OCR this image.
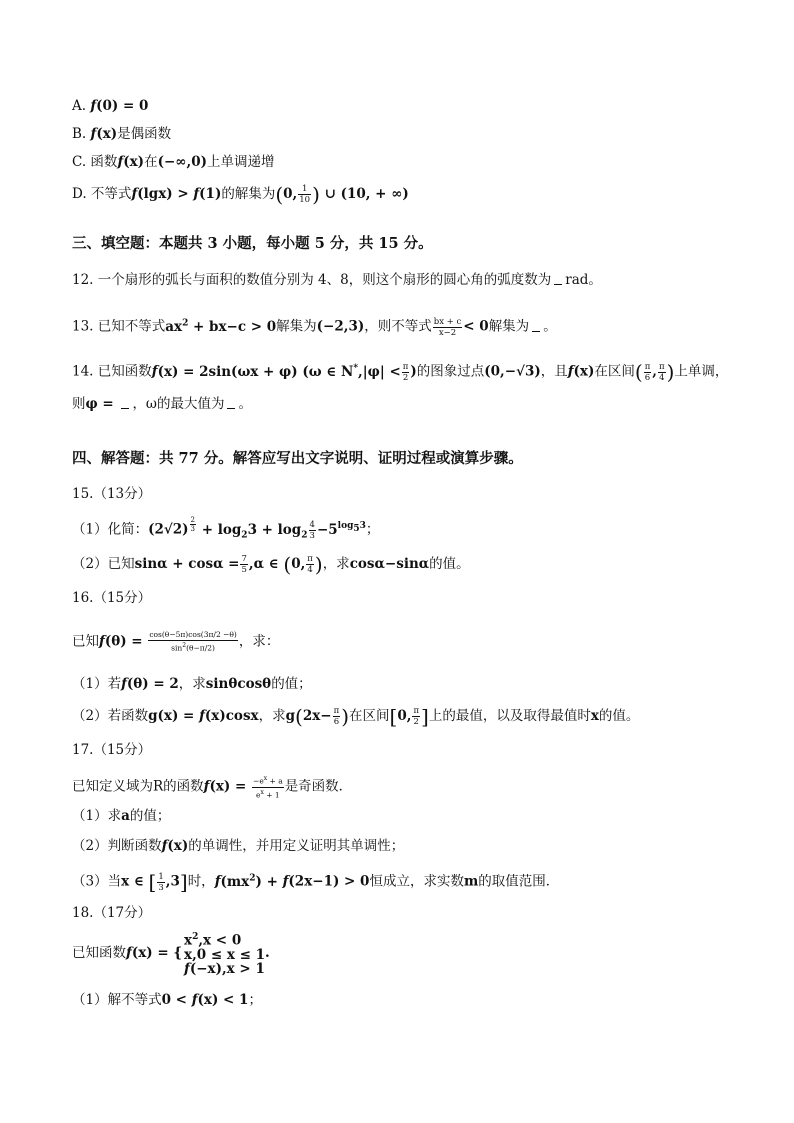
A. f(0) = 0
B. f(x)是偶函数
C. 函数f(x)在(−∞,0)上单调递增
D. 不等式f(lgx) > f(1)的解集为(0, $\frac{1}{10}$ ) ∪ (10, + ∞)
三、填空题：本题共 3 小题，每小题 5 分，共 15 分。
12. 一个扇形的弧长与面积的数值分别为 4、8，则这个扇形的圆心角的弧度数为 rad。
13. 已知不等式$ax^2 + bx-c > 0$解集为(−2,3)，则不等式 $\frac{bx + c}{x-2} < 0$解集为 。
14. 已知函数f(x) = 2sin(ωx + φ) (ω ∈ $N^*,|\varphi| < \frac{\pi}{2}$ )的图象过点(0,−√3)，且f(x)在区间( $\frac{\pi}{6}$ , $\frac{\pi}{4}$ )上单调，
则φ = ，ω的最大值为 。
四、解答题：共 77 分。解答应写出文字说明、证明过程或演算步骤。
15.（13分）
（1）化简：(2√2) $^{\frac{2}{3}} + \log_23 + \log_2 \frac{4}{3} -5^{log_53}$；
（2）已知$\sin\alpha + \cos\alpha = \frac{7}{5} ,\alpha$ ∈ (0, $\frac{\pi}{4}$ )，求cosα−sinα的值。
16.（15分）
已知$f(\theta) = \frac{\cos(\theta-5\pi)\cos(3\pi/2 -\theta)}{\sin^2(\theta-\pi/2)}$ ，求：
（1）若f(θ) = 2，求sinθcosθ的值；
（2）若函数g(x) = f(x)cosx，求$g(2x- \frac{\pi}{6}$ )在区间[0, $\frac{\pi}{2}$ ]上的最值，以及取得最值时x的值。
17.（15分）
已知定义域为R的函数$f(x) = \frac{-e^x + a}{e^x + 1}$ 是奇函数．
（1）求a的值；
（2）判断函数f(x)的单调性，并用定义证明其单调性；
（3）当x ∈ [ $\frac{1}{3} ,3$]时，$f(mx^2) + f(2x-1) > 0$恒成立，求实数m的取值范围．
18.（17分）
已知函数f(x) = {
$x^2,x < 0$
x,0 ≤ x ≤ 1
f(−x),x > 1
.
（1）解不等式0 < f(x) < 1；
